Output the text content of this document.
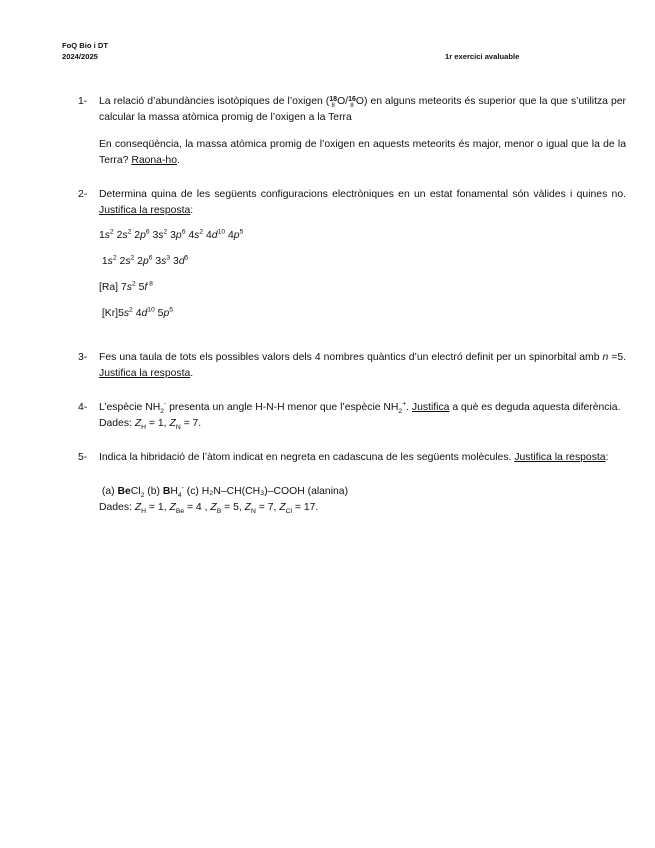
FoQ Bio i DT
2024/2025	1r exercici avaluable
1-	La relació d’abundàncies isotòpiques de l’oxigen ( 18
8 O/ 16
8 O) en alguns meteorits és superior que la que s’utilitza per calcular la massa atòmica promig de l’oxigen a la Terra

En conseqüència, la massa atòmica promig de l’oxigen en aquests meteorits és major, menor o igual que la de la Terra? Raona-ho.

2-	Determina quina de les següents configuracions electròniques en un estat fonamental són vàlides i quines no. Justifica la resposta:

$1s^2$ $2s^2$ $2p^6$ $3s^2$ $3p^6$ $4s^2$ $4d^{10}$ $4p^5$
$1s^2$ $2s^2$ $2p^6$ $3s^3$ $3d^5$
[Ra] $7s^2$ 5f $^8$
$[Kr]5s^2$ $4d^{10}$ $5p^5$
3-	Fes una taula de tots els possibles valors dels 4 nombres quàntics d’un electró definit per un spinorbital amb n =5. Justifica la resposta.

4-	L’espècie $NH_2^-$ presenta un angle H-N-H menor que l’espècie $NH_2^+$. Justifica a què es deguda aquesta diferència.

Dades: $Z_H = 1$, $Z_N = 7$.
5-	Indica la hibridació de l’àtom indicat en negreta en cadascuna de les següents molècules. Justifica la resposta:

(a) BeCl$_2$ (b) $BH_4^-$ (c) H₂N–CH(CH₃)–COOH (alanina)
Dades: $Z_H = 1$, $Z_{Be} = 4$ , $Z_B = 5$, $Z_N = 7$, $Z_{Cl} = 17$.
